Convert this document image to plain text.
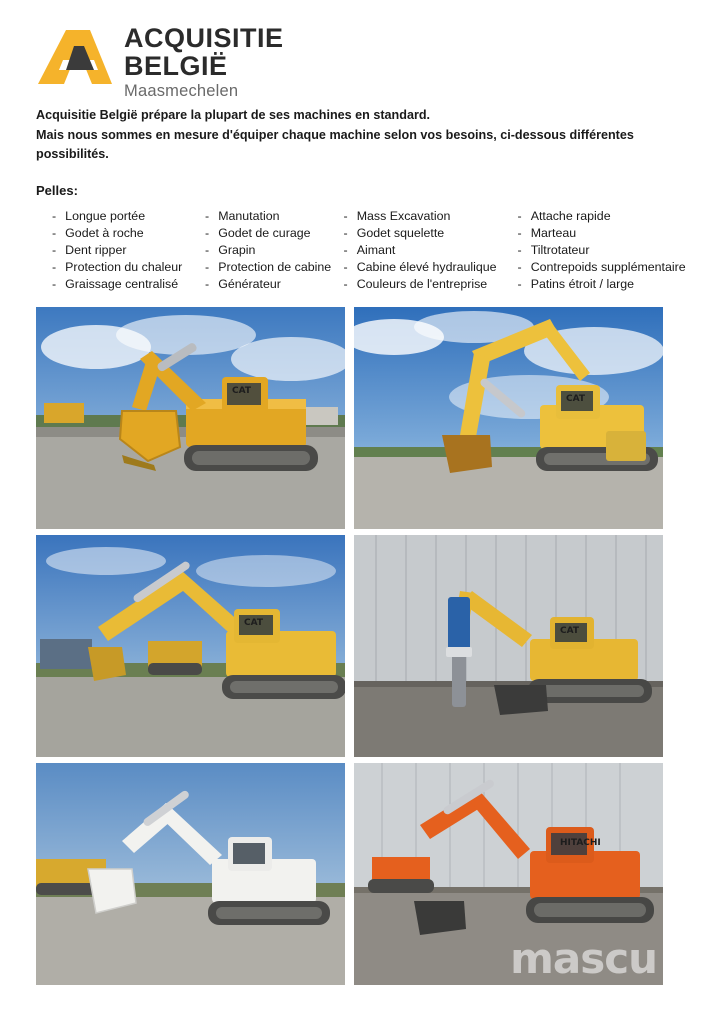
ACQUISITIE
BELGIË
Maasmechelen

Acquisitie België prépare la plupart de ses machines en standard.

Mais nous sommes en mesure d'équiper chaque machine selon vos besoins, ci-dessous différentes possibilités.

Pelles:
-	Longue portée	-	Manutation	-	Mass Excavation	-	Attache rapide
-	Godet à roche	-	Godet de curage	-	Godet squelette	-	Marteau
-	Dent ripper	-	Grapin	-	Aimant	-	Tiltrotateur
-	Protection du chaleur	-	Protection de cabine	-	Cabine élevé hydraulique	-	Contrepoids supplémentaire
-	Graissage centralisé	-	Générateur	-	Couleurs de l'entreprise	-	Patins étroit / large
CAT
CAT
CAT
CAT
HITACHI
mascu
